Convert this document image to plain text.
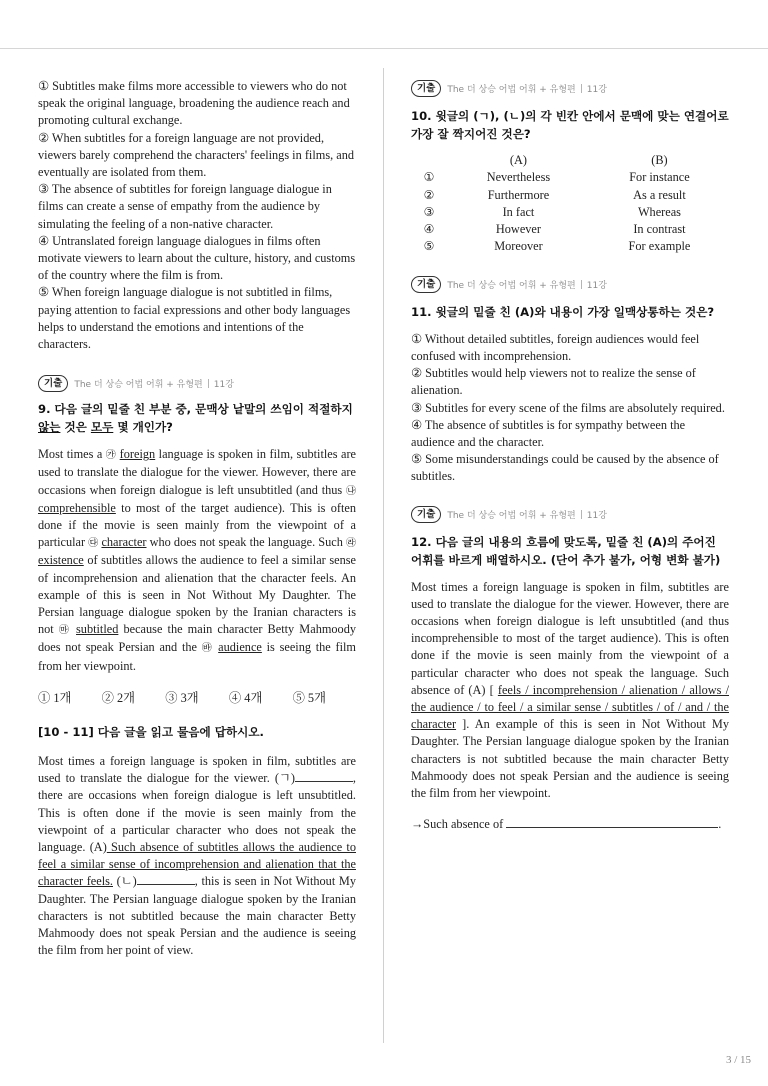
① Subtitles make films more accessible to viewers who do not speak the original language, broadening the audience reach and promoting cultural exchange.

② When subtitles for a foreign language are not provided, viewers barely comprehend the characters' feelings in films, and eventually are isolated from them.

③ The absence of subtitles for foreign language dialogue in films can create a sense of empathy from the audience by simulating the feeling of a non-native character.

④ Untranslated foreign language dialogues in films often motivate viewers to learn about the culture, history, and customs of the country where the film is from.

⑤ When foreign language dialogue is not subtitled in films, paying attention to facial expressions and other body languages helps to understand the emotions and intentions of the characters.

기출	The 더 상승 어법 어휘 + 유형편 11강
9. 다음 글의 밑줄 친 부분 중, 문맥상 낱말의 쓰임이 적절하지
않는 것은 모두 몇 개인가?

Most times a ㉮ foreign language is spoken in film, subtitles are used to translate the dialogue for the viewer. However, there are occasions when foreign dialogue is left unsubtitled (and thus ㉯ comprehensible to most of the target audience). This is often done if the movie is seen mainly from the viewpoint of a particular ㉰ character who does not speak the language. Such ㉱ existence of subtitles allows the audience to feel a similar sense of incomprehension and alienation that the character feels. An example of this is seen in Not Without My Daughter. The Persian language dialogue spoken by the Iranian characters is not ㉲ subtitled because the main character Betty Mahmoody does not speak Persian and the ㉳ audience is seeing the film from her viewpoint.

① 1개 ② 2개 ③ 3개 ④ 4개 ⑤ 5개
[10 - 11] 다음 글을 읽고 물음에 답하시오.

Most times a foreign language is spoken in film, subtitles are used to translate the dialogue for the viewer. (ㄱ)	, there are occasions when foreign dialogue is left unsubtitled. This is often done if the movie is seen mainly from the viewpoint of a particular character who does not speak the language. (A) Such absence of subtitles allows the audience to feel a similar sense of incomprehension and alienation that the character feels. (ㄴ)	, this is seen in Not Without My Daughter. The Persian language dialogue spoken by the Iranian characters is not subtitled because the main character Betty Mahmoody does not speak Persian and the audience is seeing the film from her point of view.

기출	The 더 상승 어법 어휘 + 유형편 11강
10. 윗글의 (ㄱ), (ㄴ)의 각 빈칸 안에서 문맥에 맞는 연결어로 가장 잘 짝지어진 것은?
	(A)	(B)
①	Nevertheless	For instance
②	Furthermore	As a result
③	In fact	Whereas
④	However	In contrast
⑤	Moreover	For example
기출	The 더 상승 어법 어휘 + 유형편 11강
11. 윗글의 밑줄 친 (A)와 내용이 가장 일맥상통하는 것은?

① Without detailed subtitles, foreign audiences would feel confused with incomprehension.

② Subtitles would help viewers not to realize the sense of alienation.

③ Subtitles for every scene of the films are absolutely required.

④ The absence of subtitles is for sympathy between the audience and the character.

⑤ Some misunderstandings could be caused by the absence of subtitles.

기출	The 더 상승 어법 어휘 + 유형편 11강
12. 다음 글의 내용의 흐름에 맞도록, 밑줄 친 (A)의 주어진 어휘를 바르게 배열하시오. (단어 추가 불가, 어형 변화 불가)

Most times a foreign language is spoken in film, subtitles are used to translate the dialogue for the viewer. However, there are occasions when foreign dialogue is left unsubtitled (and thus incomprehensible to most of the target audience). This is often done if the movie is seen mainly from the viewpoint of a particular character who does not speak the language. Such absence of (A) [ feels / incomprehension / alienation / allows / the audience / to feel / a similar sense / subtitles / of / and / the character ]. An example of this is seen in Not Without My Daughter. The Persian language dialogue spoken by the Iranian characters is not subtitled because the main character Betty Mahmoody does not speak Persian and the audience is seeing the film from her viewpoint.

→Such absence of	.

3 / 15
